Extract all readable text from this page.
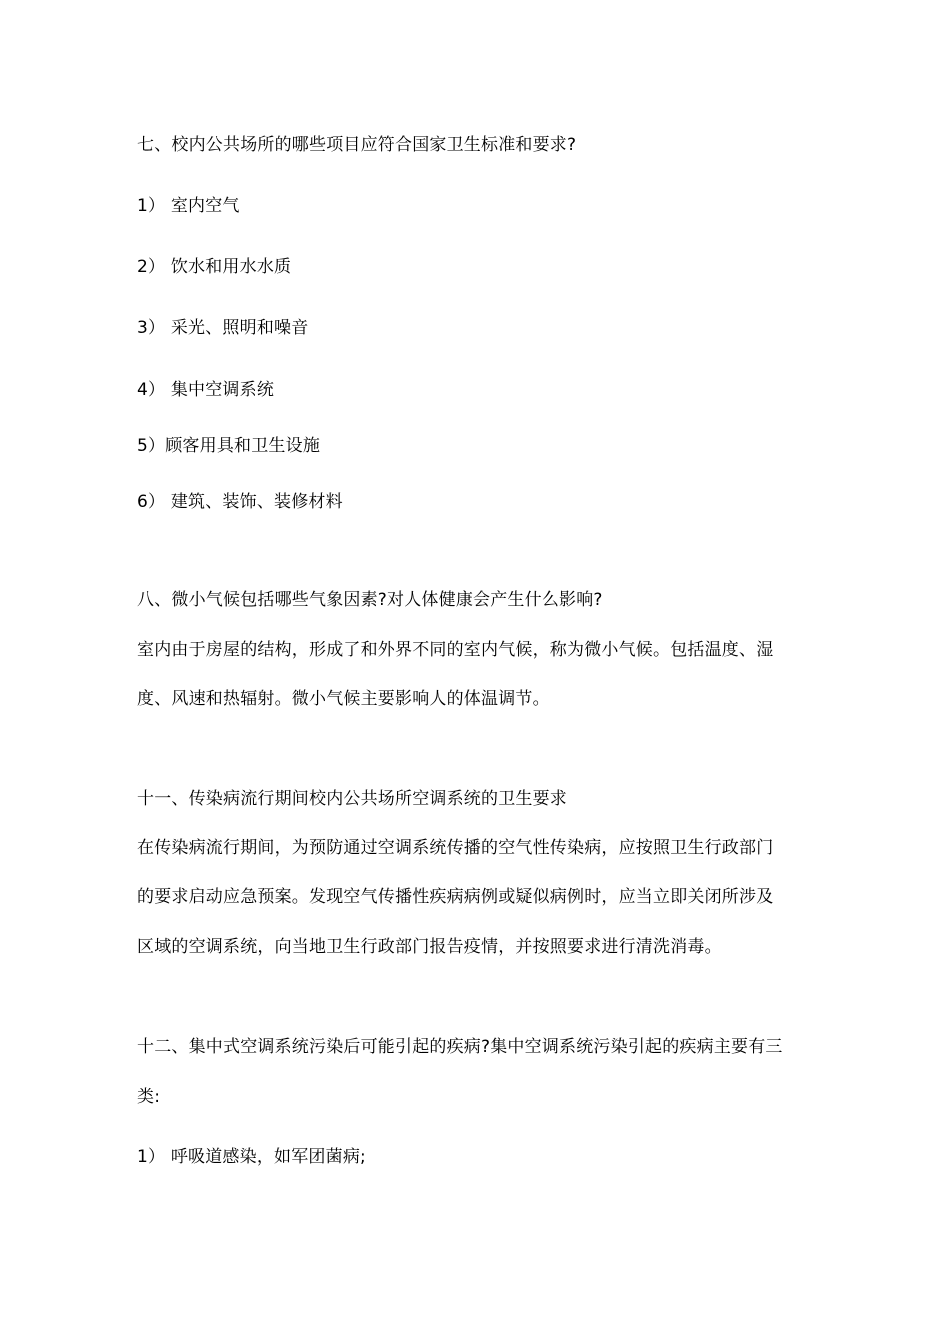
七、校内公共场所的哪些项目应符合国家卫生标准和要求?
1） 室内空气
2） 饮水和用水水质
3） 采光、照明和噪音
4） 集中空调系统
5）顾客用具和卫生设施
6） 建筑、装饰、装修材料
八、微小气候包括哪些气象因素?对人体健康会产生什么影响?
室内由于房屋的结构，形成了和外界不同的室内气候，称为微小气候。包括温度、湿
度、风速和热辐射。微小气候主要影响人的体温调节。
十一、传染病流行期间校内公共场所空调系统的卫生要求
在传染病流行期间，为预防通过空调系统传播的空气性传染病，应按照卫生行政部门
的要求启动应急预案。发现空气传播性疾病病例或疑似病例时，应当立即关闭所涉及
区域的空调系统，向当地卫生行政部门报告疫情，并按照要求进行清洗消毒。
十二、集中式空调系统污染后可能引起的疾病?集中空调系统污染引起的疾病主要有三
类:
1） 呼吸道感染，如军团菌病;
